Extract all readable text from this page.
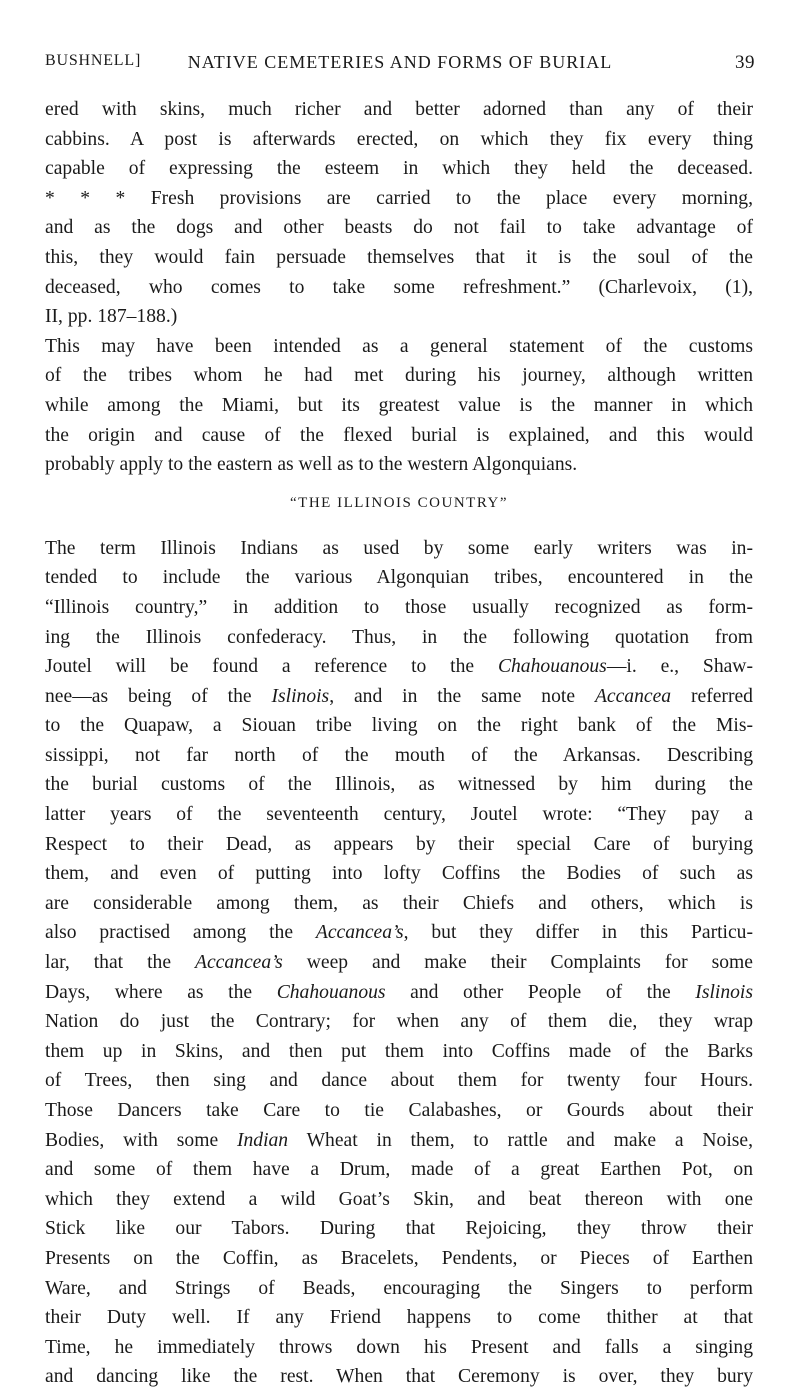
BUSHNELL]	NATIVE CEMETERIES AND FORMS OF BURIAL	39
ered with skins, much richer and better adorned than any of their
cabbins. A post is afterwards erected, on which they fix every thing
capable of expressing the esteem in which they held the deceased.
* * * Fresh provisions are carried to the place every morning,
and as the dogs and other beasts do not fail to take advantage of
this, they would fain persuade themselves that it is the soul of the
deceased, who comes to take some refreshment.” (Charlevoix, (1),
II, pp. 187–188.)
This may have been intended as a general statement of the customs
of the tribes whom he had met during his journey, although written
while among the Miami, but its greatest value is the manner in which
the origin and cause of the flexed burial is explained, and this would
probably apply to the eastern as well as to the western Algonquians.
“THE ILLINOIS COUNTRY”
The term Illinois Indians as used by some early writers was in-
tended to include the various Algonquian tribes, encountered in the
“Illinois country,” in addition to those usually recognized as form-
ing the Illinois confederacy. Thus, in the following quotation from
Joutel will be found a reference to the Chahouanous—i. e., Shaw-
nee—as being of the Islinois, and in the same note Accancea referred
to the Quapaw, a Siouan tribe living on the right bank of the Mis-
sissippi, not far north of the mouth of the Arkansas. Describing
the burial customs of the Illinois, as witnessed by him during the
latter years of the seventeenth century, Joutel wrote: “They pay a
Respect to their Dead, as appears by their special Care of burying
them, and even of putting into lofty Coffins the Bodies of such as
are considerable among them, as their Chiefs and others, which is
also practised among the Accancea’s, but they differ in this Particu-
lar, that the Accancea’s weep and make their Complaints for some
Days, where as the Chahouanous and other People of the Islinois
Nation do just the Contrary; for when any of them die, they wrap
them up in Skins, and then put them into Coffins made of the Barks
of Trees, then sing and dance about them for twenty four Hours.
Those Dancers take Care to tie Calabashes, or Gourds about their
Bodies, with some Indian Wheat in them, to rattle and make a Noise,
and some of them have a Drum, made of a great Earthen Pot, on
which they extend a wild Goat’s Skin, and beat thereon with one
Stick like our Tabors. During that Rejoicing, they throw their
Presents on the Coffin, as Bracelets, Pendents, or Pieces of Earthen
Ware, and Strings of Beads, encouraging the Singers to perform
their Duty well. If any Friend happens to come thither at that
Time, he immediately throws down his Present and falls a singing
and dancing like the rest. When that Ceremony is over, they bury
